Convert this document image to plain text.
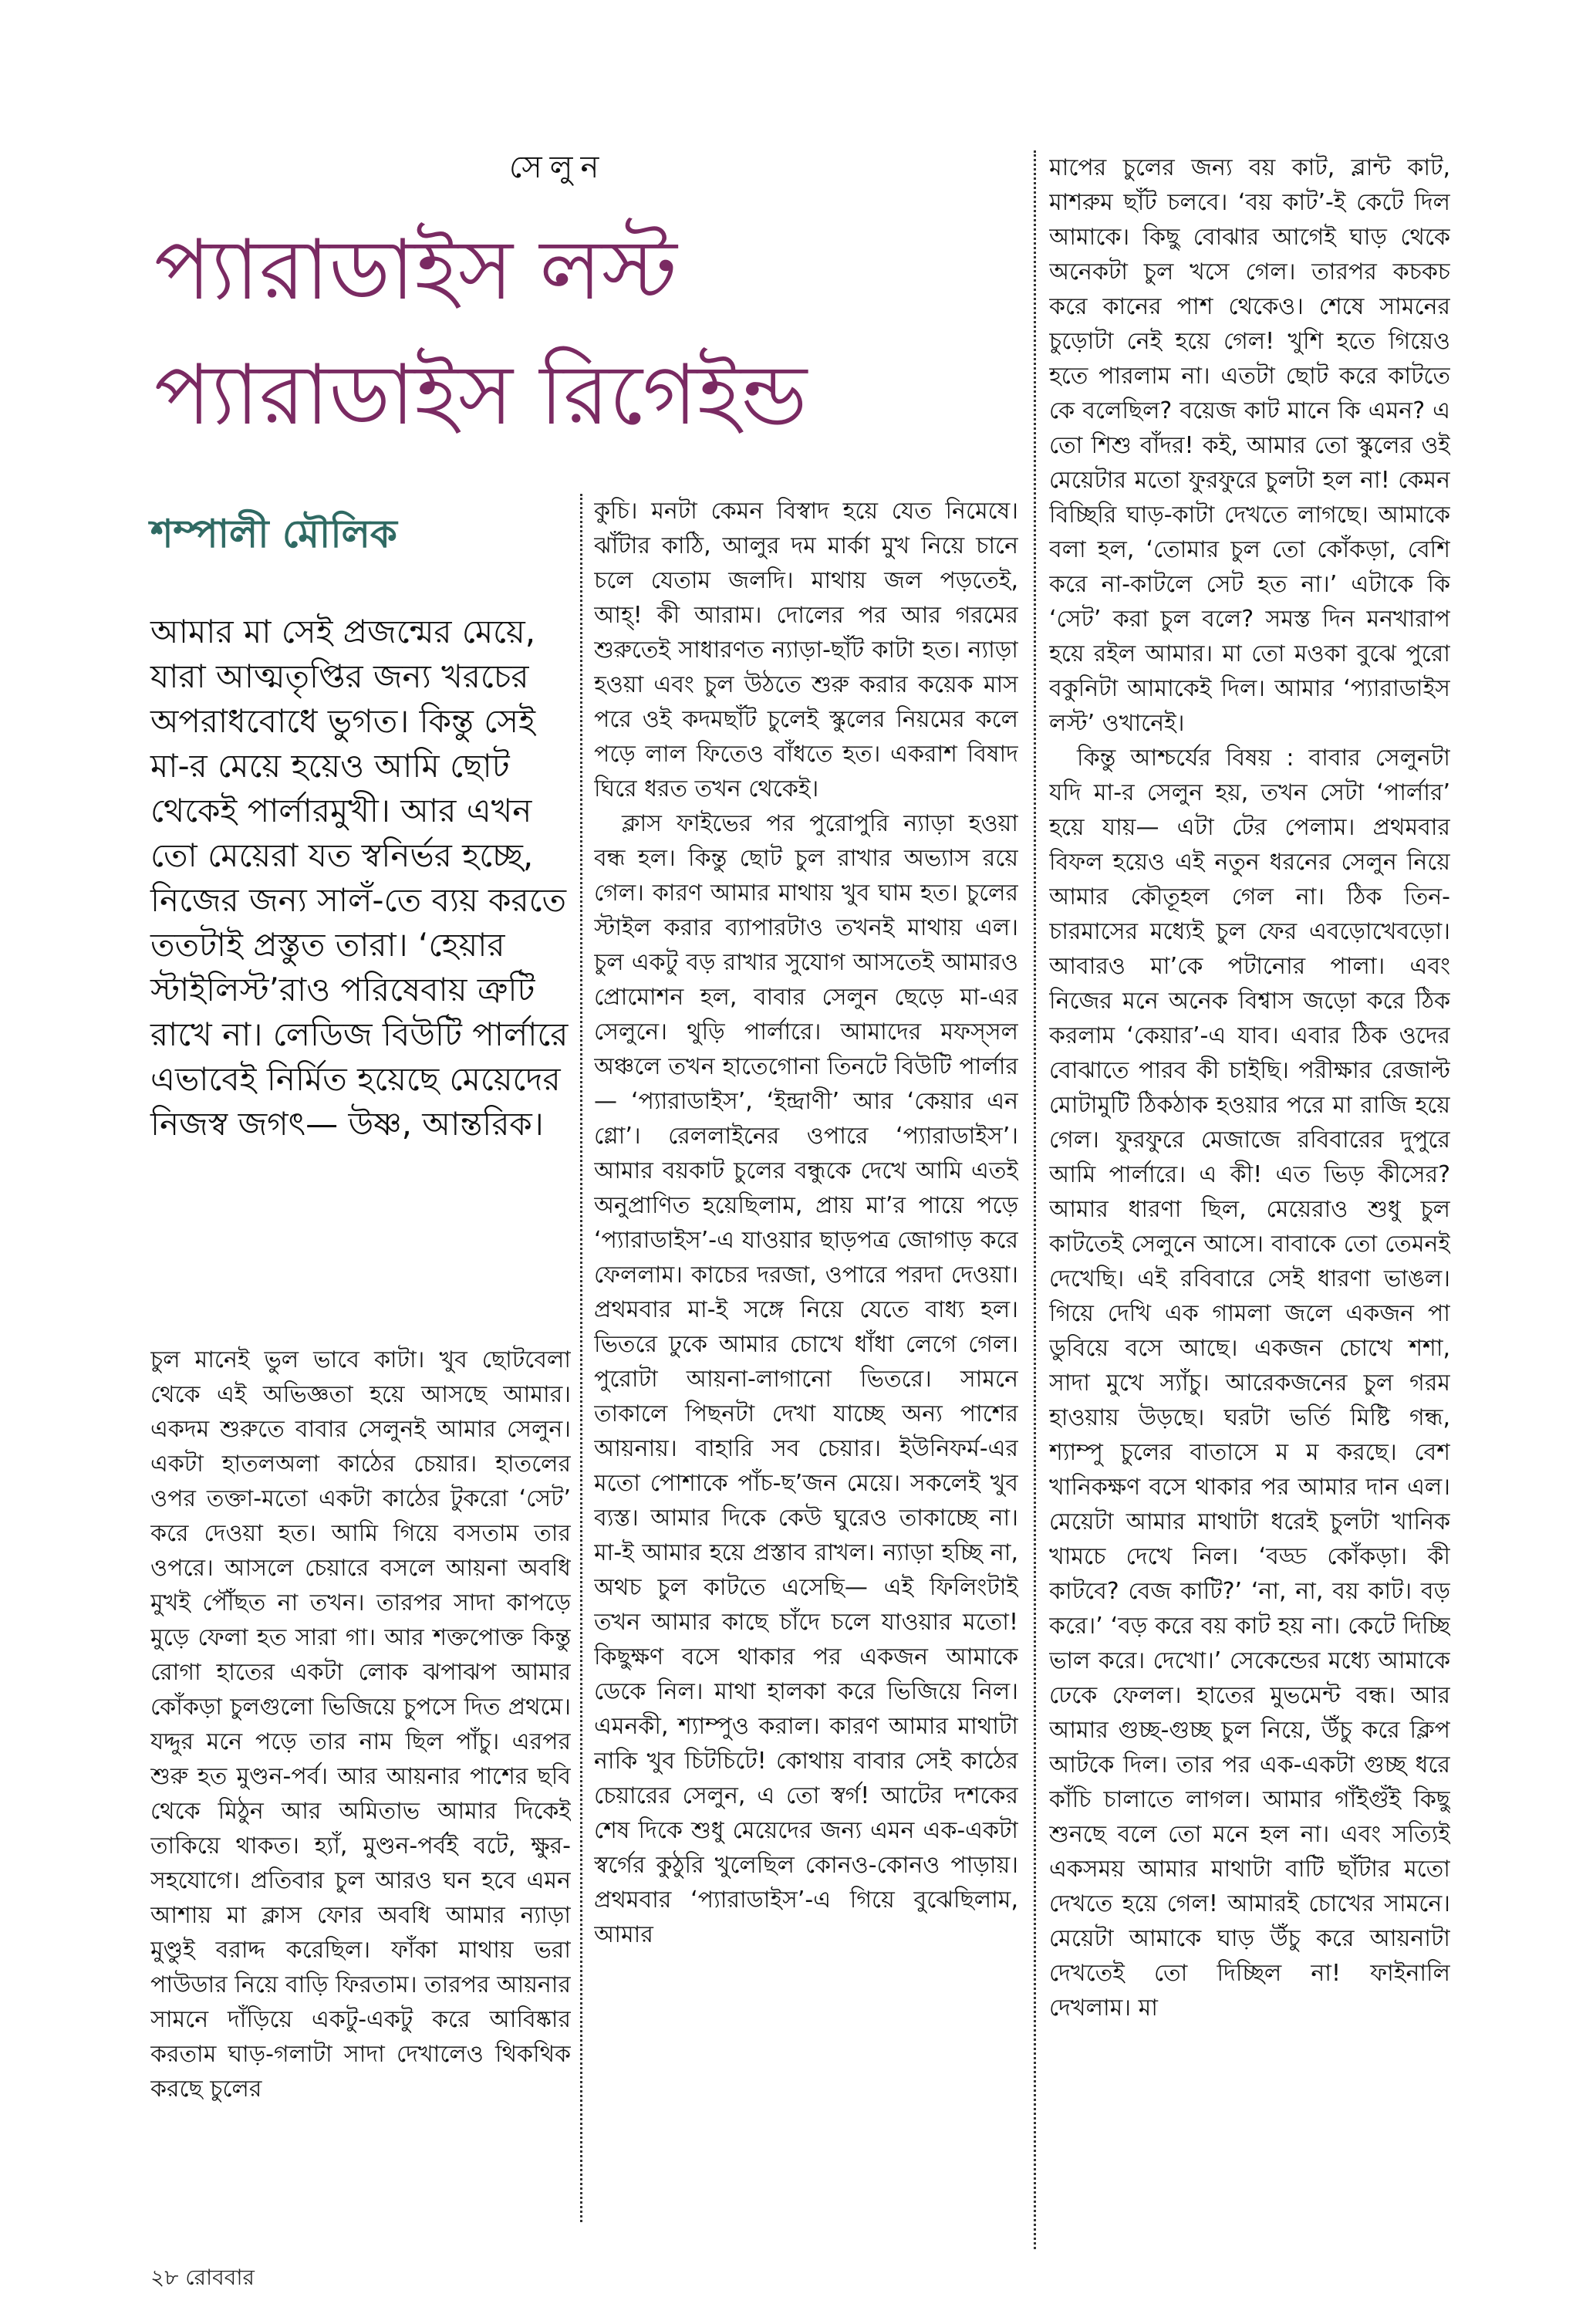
সেলুন
প্যারাডাইস লস্ট
প্যারাডাইস রিগেইন্ড
শম্পালী মৌলিক

আমার মা সেই প্রজন্মের মেয়ে, যারা আত্মতৃপ্তির জন্য খরচের অপরাধবোধে ভুগত। কিন্তু সেই মা-র মেয়ে হয়েও আমি ছোট থেকেই পার্লারমুখী। আর এখন তো মেয়েরা যত স্বনির্ভর হচ্ছে, নিজের জন্য সালঁ-তে ব্যয় করতে ততটাই প্রস্তুত তারা। ‘হেয়ার স্টাইলিস্ট’রাও পরিষেবায় ত্রুটি রাখে না। লেডিজ বিউটি পার্লারে এভাবেই নির্মিত হয়েছে মেয়েদের নিজস্ব জগৎ— উষ্ণ, আন্তরিক।

চুল মানেই ভুল ভাবে কাটা। খুব ছোটবেলা থেকে এই অভিজ্ঞতা হয়ে আসছে আমার। একদম শুরুতে বাবার সেলুনই আমার সেলুন। একটা হাতলঅলা কাঠের চেয়ার। হাতলের ওপর তক্তা-মতো একটা কাঠের টুকরো ‘সেট’ করে দেওয়া হত। আমি গিয়ে বসতাম তার ওপরে। আসলে চেয়ারে বসলে আয়না অবধি মুখই পৌঁছত না তখন। তারপর সাদা কাপড়ে মুড়ে ফেলা হত সারা গা। আর শক্তপোক্ত কিন্তু রোগা হাতের একটা লোক ঝপাঝপ আমার কোঁকড়া চুলগুলো ভিজিয়ে চুপসে দিত প্রথমে। যদ্দুর মনে পড়ে তার নাম ছিল পাঁচু। এরপর শুরু হত মুণ্ডন-পর্ব। আর আয়নার পাশের ছবি থেকে মিঠুন আর অমিতাভ আমার দিকেই তাকিয়ে থাকত। হ্যাঁ, মুণ্ডন-পর্বই বটে, ক্ষুর-সহযোগে। প্রতিবার চুল আরও ঘন হবে এমন আশায় মা ক্লাস ফোর অবধি আমার ন্যাড়া মুণ্ডুই বরাদ্দ করেছিল। ফাঁকা মাথায় ভরা পাউডার নিয়ে বাড়ি ফিরতাম। তারপর আয়নার সামনে দাঁড়িয়ে একটু-একটু করে আবিষ্কার করতাম ঘাড়-গলাটা সাদা দেখালেও থিকথিক করছে চুলের

কুচি। মনটা কেমন বিস্বাদ হয়ে যেত নিমেষে। ঝাঁটার কাঠি, আলুর দম মার্কা মুখ নিয়ে চানে চলে যেতাম জলদি। মাথায় জল পড়তেই, আহ্! কী আরাম। দোলের পর আর গরমের শুরুতেই সাধারণত ন্যাড়া-ছাঁট কাটা হত। ন্যাড়া হওয়া এবং চুল উঠতে শুরু করার কয়েক মাস পরে ওই কদমছাঁট চুলেই স্কুলের নিয়মের কলে পড়ে লাল ফিতেও বাঁধতে হত। একরাশ বিষাদ ঘিরে ধরত তখন থেকেই।

ক্লাস ফাইভের পর পুরোপুরি ন্যাড়া হওয়া বন্ধ হল। কিন্তু ছোট চুল রাখার অভ্যাস রয়ে গেল। কারণ আমার মাথায় খুব ঘাম হত। চুলের স্টাইল করার ব্যাপারটাও তখনই মাথায় এল। চুল একটু বড় রাখার সুযোগ আসতেই আমারও প্রোমোশন হল, বাবার সেলুন ছেড়ে মা-এর সেলুনে। থুড়ি পার্লারে। আমাদের মফস্সল অঞ্চলে তখন হাতেগোনা তিনটে বিউটি পার্লার— ‘প্যারাডাইস’, ‘ইন্দ্রাণী’ আর ‘কেয়ার এন গ্লো’। রেললাইনের ওপারে ‘প্যারাডাইস’। আমার বয়কাট চুলের বন্ধুকে দেখে আমি এতই অনুপ্রাণিত হয়েছিলাম, প্রায় মা’র পায়ে পড়ে ‘প্যারাডাইস’-এ যাওয়ার ছাড়পত্র জোগাড় করে ফেললাম। কাচের দরজা, ওপারে পরদা দেওয়া। প্রথমবার মা-ই সঙ্গে নিয়ে যেতে বাধ্য হল। ভিতরে ঢুকে আমার চোখে ধাঁধা লেগে গেল। পুরোটা আয়না-লাগানো ভিতরে। সামনে তাকালে পিছনটা দেখা যাচ্ছে অন্য পাশের আয়নায়। বাহারি সব চেয়ার। ইউনিফর্ম-এর মতো পোশাকে পাঁচ-ছ’জন মেয়ে। সকলেই খুব ব্যস্ত। আমার দিকে কেউ ঘুরেও তাকাচ্ছে না। মা-ই আমার হয়ে প্রস্তাব রাখল। ন্যাড়া হচ্ছি না, অথচ চুল কাটতে এসেছি— এই ফিলিংটাই তখন আমার কাছে চাঁদে চলে যাওয়ার মতো! কিছুক্ষণ বসে থাকার পর একজন আমাকে ডেকে নিল। মাথা হালকা করে ভিজিয়ে নিল। এমনকী, শ্যাম্পুও করাল। কারণ আমার মাথাটা নাকি খুব চিটচিটে! কোথায় বাবার সেই কাঠের চেয়ারের সেলুন, এ তো স্বর্গ! আটের দশকের শেষ দিকে শুধু মেয়েদের জন্য এমন এক-একটা স্বর্গের কুঠুরি খুলেছিল কোনও-কোনও পাড়ায়। প্রথমবার ‘প্যারাডাইস’-এ গিয়ে বুঝেছিলাম, আমার

মাপের চুলের জন্য বয় কাট, ব্লান্ট কাট, মাশরুম ছাঁট চলবে। ‘বয় কাট’-ই কেটে দিল আমাকে। কিছু বোঝার আগেই ঘাড় থেকে অনেকটা চুল খসে গেল। তারপর কচকচ করে কানের পাশ থেকেও। শেষে সামনের চুড়োটা নেই হয়ে গেল! খুশি হতে গিয়েও হতে পারলাম না। এতটা ছোট করে কাটতে কে বলেছিল? বয়েজ কাট মানে কি এমন? এ তো শিশু বাঁদর! কই, আমার তো স্কুলের ওই মেয়েটার মতো ফুরফুরে চুলটা হল না! কেমন বিচ্ছিরি ঘাড়-কাটা দেখতে লাগছে। আমাকে বলা হল, ‘তোমার চুল তো কোঁকড়া, বেশি করে না-কাটলে সেট হত না।’ এটাকে কি ‘সেট’ করা চুল বলে? সমস্ত দিন মনখারাপ হয়ে রইল আমার। মা তো মওকা বুঝে পুরো বকুনিটা আমাকেই দিল। আমার ‘প্যারাডাইস লস্ট’ ওখানেই।

কিন্তু আশ্চর্যের বিষয় : বাবার সেলুনটা যদি মা-র সেলুন হয়, তখন সেটা ‘পার্লার’ হয়ে যায়— এটা টের পেলাম। প্রথমবার বিফল হয়েও এই নতুন ধরনের সেলুন নিয়ে আমার কৌতূহল গেল না। ঠিক তিন-চারমাসের মধ্যেই চুল ফের এবড়োখেবড়ো। আবারও মা’কে পটানোর পালা। এবং নিজের মনে অনেক বিশ্বাস জড়ো করে ঠিক করলাম ‘কেয়ার’-এ যাব। এবার ঠিক ওদের বোঝাতে পারব কী চাইছি। পরীক্ষার রেজাল্ট মোটামুটি ঠিকঠাক হওয়ার পরে মা রাজি হয়ে গেল। ফুরফুরে মেজাজে রবিবারের দুপুরে আমি পার্লারে। এ কী! এত ভিড় কীসের? আমার ধারণা ছিল, মেয়েরাও শুধু চুল কাটতেই সেলুনে আসে। বাবাকে তো তেমনই দেখেছি। এই রবিবারে সেই ধারণা ভাঙল। গিয়ে দেখি এক গামলা জলে একজন পা ডুবিয়ে বসে আছে। একজন চোখে শশা, সাদা মুখে স্যাঁচু। আরেকজনের চুল গরম হাওয়ায় উড়ছে। ঘরটা ভর্তি মিষ্টি গন্ধ, শ্যাম্পু চুলের বাতাসে ম ম করছে। বেশ খানিকক্ষণ বসে থাকার পর আমার দান এল। মেয়েটা আমার মাথাটা ধরেই চুলটা খানিক খামচে দেখে নিল। ‘বড্ড কোঁকড়া। কী কাটবে? বেজ কাটি?’ ‘না, না, বয় কাট। বড় করে।’ ‘বড় করে বয় কাট হয় না। কেটে দিচ্ছি ভাল করে। দেখো।’ সেকেন্ডের মধ্যে আমাকে ঢেকে ফেলল। হাতের মুভমেন্ট বন্ধ। আর আমার গুচ্ছ-গুচ্ছ চুল নিয়ে, উঁচু করে ক্লিপ আটকে দিল। তার পর এক-একটা গুচ্ছ ধরে কাঁচি চালাতে লাগল। আমার গাঁইগুঁই কিছু শুনছে বলে তো মনে হল না। এবং সত্যিই একসময় আমার মাথাটা বাটি ছাঁটার মতো দেখতে হয়ে গেল! আমারই চোখের সামনে। মেয়েটা আমাকে ঘাড় উঁচু করে আয়নাটা দেখতেই তো দিচ্ছিল না! ফাইনালি দেখলাম। মা

২৮ রোববার
